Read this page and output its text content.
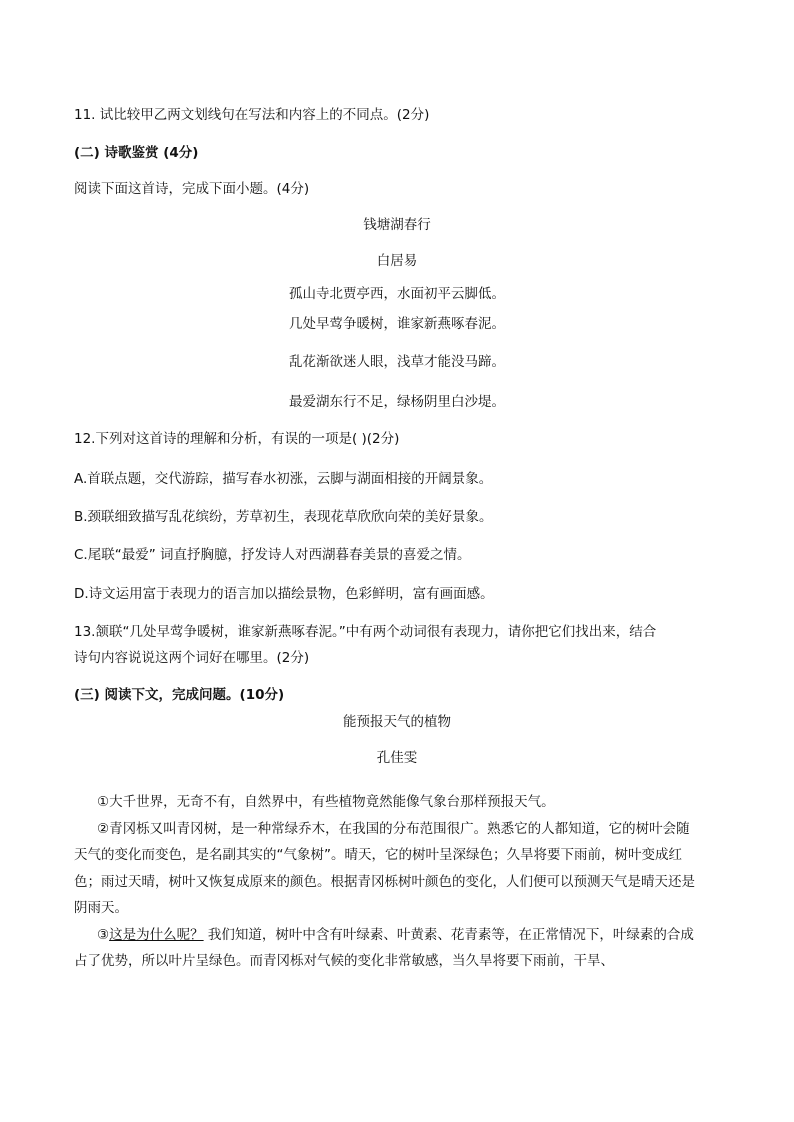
11. 试比较甲乙两文划线句在写法和内容上的不同点。(2分)
(二) 诗歌鉴赏 (4分)
阅读下面这首诗，完成下面小题。(4分)
钱塘湖春行
白居易
孤山寺北贾亭西，水面初平云脚低。
几处早莺争暖树，谁家新燕啄春泥。
乱花渐欲迷人眼，浅草才能没马蹄。
最爱湖东行不足，绿杨阴里白沙堤。
12.下列对这首诗的理解和分析，有误的一项是( )(2分)
A.首联点题，交代游踪，描写春水初涨，云脚与湖面相接的开阔景象。
B.颈联细致描写乱花缤纷，芳草初生，表现花草欣欣向荣的美好景象。
C.尾联“最爱” 词直抒胸臆，抒发诗人对西湖暮春美景的喜爱之情。
D.诗文运用富于表现力的语言加以描绘景物，色彩鲜明，富有画面感。
13.颔联“几处早莺争暖树，谁家新燕啄春泥。”中有两个动词很有表现力，请你把它们找出来，结合
诗句内容说说这两个词好在哪里。(2分)
(三) 阅读下文，完成问题。(10分)
能预报天气的植物
孔佳雯
①大千世界，无奇不有，自然界中，有些植物竟然能像气象台那样预报天气。
②青冈栎又叫青冈树，是一种常绿乔木，在我国的分布范围很广。熟悉它的人都知道，它的树叶会随
天气的变化而变色，是名副其实的“气象树”。晴天，它的树叶呈深绿色；久旱将要下雨前，树叶变成红
色；雨过天晴，树叶又恢复成原来的颜色。根据青冈栎树叶颜色的变化，人们便可以预测天气是晴天还是
阴雨天。
③这是为什么呢？ 我们知道，树叶中含有叶绿素、叶黄素、花青素等，在正常情况下，叶绿素的合成
占了优势，所以叶片呈绿色。而青冈栎对气候的变化非常敏感，当久旱将要下雨前，干旱、
